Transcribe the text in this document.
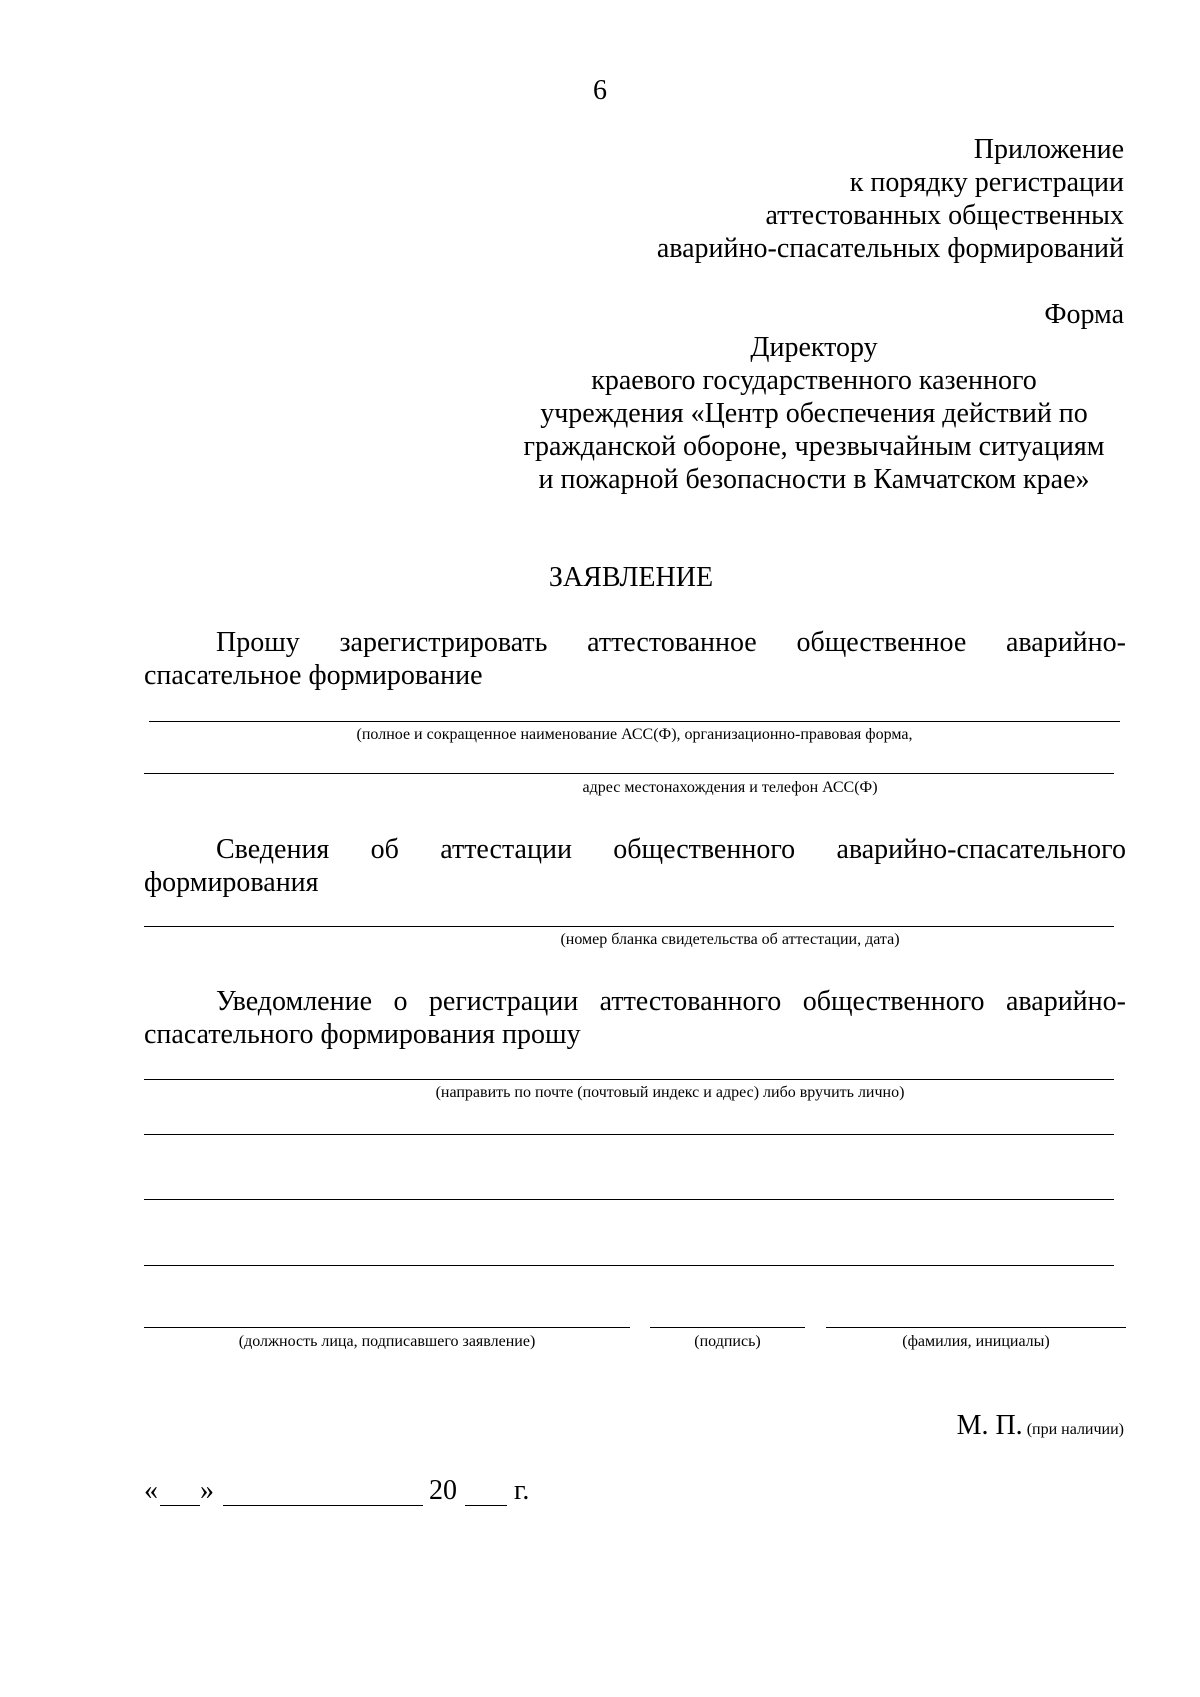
6
Приложение
к порядку регистрации
аттестованных общественных
аварийно-спасательных формирований
Форма
Директору
краевого государственного казенного
учреждения «Центр обеспечения действий по
гражданской обороне, чрезвычайным ситуациям
и пожарной безопасности в Камчатском крае»
ЗАЯВЛЕНИЕ
Прошу зарегистрировать аттестованное общественное аварийно-
спасательное формирование
(полное и сокращенное наименование АСС(Ф), организационно-правовая форма,
адрес местонахождения и телефон АСС(Ф)
Сведения об аттестации общественного аварийно-спасательного
формирования
(номер бланка свидетельства об аттестации, дата)
Уведомление о регистрации аттестованного общественного аварийно-
спасательного формирования прошу
(направить по почте (почтовый индекс и адрес) либо вручить лично)
(должность лица, подписавшего заявление)	(подпись)	(фамилия, инициалы)
М. П. (при наличии)
« »	20 г.
